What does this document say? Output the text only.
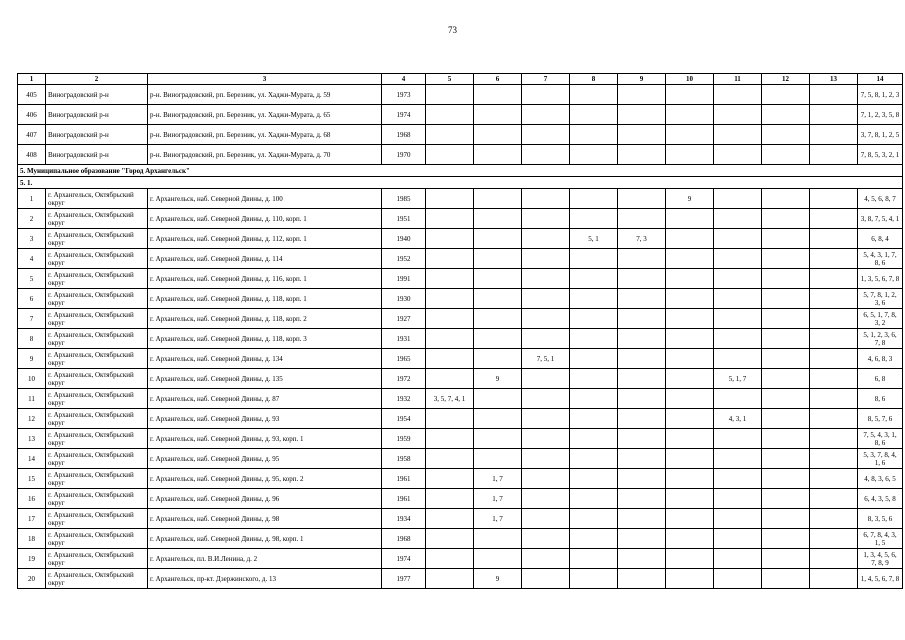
73
1	2	3	4	5	6	7	8	9	10	11	12	13	14
405	Виноградовский р-н	р-н. Виноградовский, рп. Березник, ул. Хаджи-Мурата, д. 59	1973										7, 5, 8, 1, 2, 3
406	Виноградовский р-н	р-н. Виноградовский, рп. Березник, ул. Хаджи-Мурата, д. 65	1974										7, 1, 2, 3, 5, 8
407	Виноградовский р-н	р-н. Виноградовский, рп. Березник, ул. Хаджи-Мурата, д. 68	1968										3, 7, 8, 1, 2, 5
408	Виноградовский р-н	р-н. Виноградовский, рп. Березник, ул. Хаджи-Мурата, д. 70	1970										7, 8, 5, 3, 2, 1
5. Муниципальное образование "Город Архангельск"													
5. 1.													
1	г. Архангельск, Октябрьский округ	г. Архангельск, наб. Северной Двины, д. 100	1985						9				4, 5, 6, 8, 7
2	г. Архангельск, Октябрьский округ	г. Архангельск, наб. Северной Двины, д. 110, корп. 1	1951										3, 8, 7, 5, 4, 1
3	г. Архангельск, Октябрьский округ	г. Архангельск, наб. Северной Двины, д. 112, корп. 1	1940				5, 1	7, 3					6, 8, 4
4	г. Архангельск, Октябрьский округ	г. Архангельск, наб. Северной Двины, д. 114	1952										5, 4, 3, 1, 7, 8, 6
5	г. Архангельск, Октябрьский округ	г. Архангельск, наб. Северной Двины, д. 116, корп. 1	1991										1, 3, 5, 6, 7, 8
6	г. Архангельск, Октябрьский округ	г. Архангельск, наб. Северной Двины, д. 118, корп. 1	1930										5, 7, 8, 1, 2, 3, 6
7	г. Архангельск, Октябрьский округ	г. Архангельск, наб. Северной Двины, д. 118, корп. 2	1927										6, 5, 1, 7, 8, 3, 2
8	г. Архангельск, Октябрьский округ	г. Архангельск, наб. Северной Двины, д. 118, корп. 3	1931										5, 1, 2, 3, 6, 7, 8
9	г. Архангельск, Октябрьский округ	г. Архангельск, наб. Северной Двины, д. 134	1965			7, 5, 1							4, 6, 8, 3
10	г. Архангельск, Октябрьский округ	г. Архангельск, наб. Северной Двины, д. 135	1972		9					5, 1, 7			6, 8
11	г. Архангельск, Октябрьский округ	г. Архангельск, наб. Северной Двины, д. 87	1932	3, 5, 7, 4, 1									8, 6
12	г. Архангельск, Октябрьский округ	г. Архангельск, наб. Северной Двины, д. 93	1954							4, 3, 1			8, 5, 7, 6
13	г. Архангельск, Октябрьский округ	г. Архангельск, наб. Северной Двины, д. 93, корп. 1	1959										7, 5, 4, 3, 1, 8, 6
14	г. Архангельск, Октябрьский округ	г. Архангельск, наб. Северной Двины, д. 95	1958										5, 3, 7, 8, 4, 1, 6
15	г. Архангельск, Октябрьский округ	г. Архангельск, наб. Северной Двины, д. 95, корп. 2	1961		1, 7								4, 8, 3, 6, 5
16	г. Архангельск, Октябрьский округ	г. Архангельск, наб. Северной Двины, д. 96	1961		1, 7								6, 4, 3, 5, 8
17	г. Архангельск, Октябрьский округ	г. Архангельск, наб. Северной Двины, д. 98	1934		1, 7								8, 3, 5, 6
18	г. Архангельск, Октябрьский округ	г. Архангельск, наб. Северной Двины, д. 98, корп. 1	1968										6, 7, 8, 4, 3, 1, 5
19	г. Архангельск, Октябрьский округ	г. Архангельск, пл. В.И.Ленина, д. 2	1974										1, 3, 4, 5, 6, 7, 8, 9
20	г. Архангельск, Октябрьский округ	г. Архангельск, пр-кт. Дзержинского, д. 13	1977		9								1, 4, 5, 6, 7, 8
